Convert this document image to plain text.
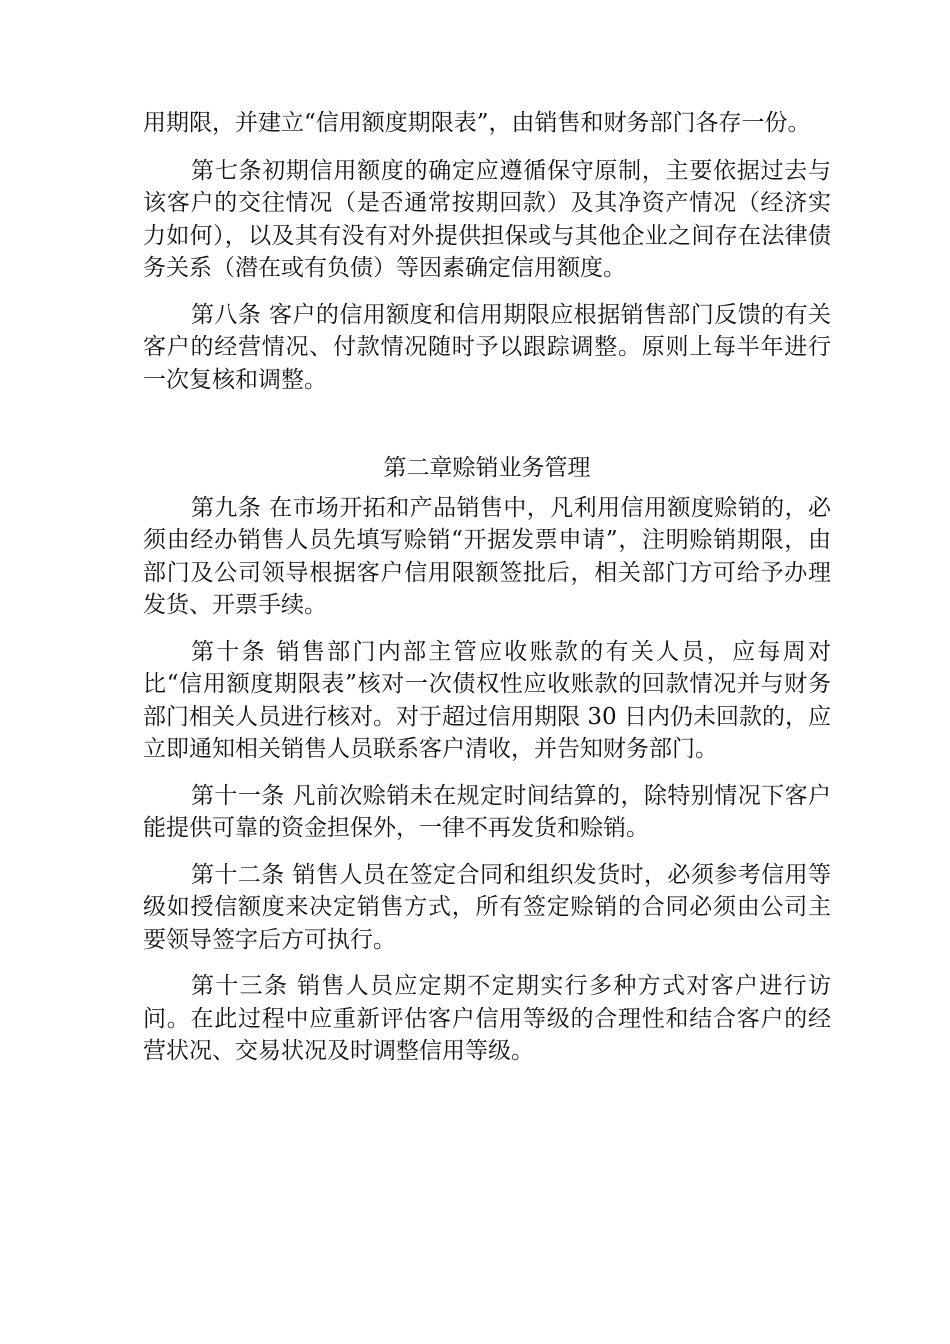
用期限，并建立“信用额度期限表”，由销售和财务部门各存一份。

第七条初期信用额度的确定应遵循保守原制，主要依据过去与该客户的交往情况（是否通常按期回款）及其净资产情况（经济实力如何），以及其有没有对外提供担保或与其他企业之间存在法律债务关系（潜在或有负债）等因素确定信用额度。

第八条 客户的信用额度和信用期限应根据销售部门反馈的有关客户的经营情况、付款情况随时予以跟踪调整。原则上每半年进行一次复核和调整。

第二章赊销业务管理

第九条 在市场开拓和产品销售中，凡利用信用额度赊销的，必须由经办销售人员先填写赊销“开据发票申请”，注明赊销期限，由部门及公司领导根据客户信用限额签批后，相关部门方可给予办理发货、开票手续。

第十条 销售部门内部主管应收账款的有关人员，应每周对比“信用额度期限表”核对一次债权性应收账款的回款情况并与财务部门相关人员进行核对。对于超过信用期限 30 日内仍未回款的，应立即通知相关销售人员联系客户清收，并告知财务部门。

第十一条 凡前次赊销未在规定时间结算的，除特别情况下客户能提供可靠的资金担保外，一律不再发货和赊销。

第十二条 销售人员在签定合同和组织发货时，必须参考信用等级如授信额度来决定销售方式，所有签定赊销的合同必须由公司主要领导签字后方可执行。

第十三条 销售人员应定期不定期实行多种方式对客户进行访问。在此过程中应重新评估客户信用等级的合理性和结合客户的经营状况、交易状况及时调整信用等级。
